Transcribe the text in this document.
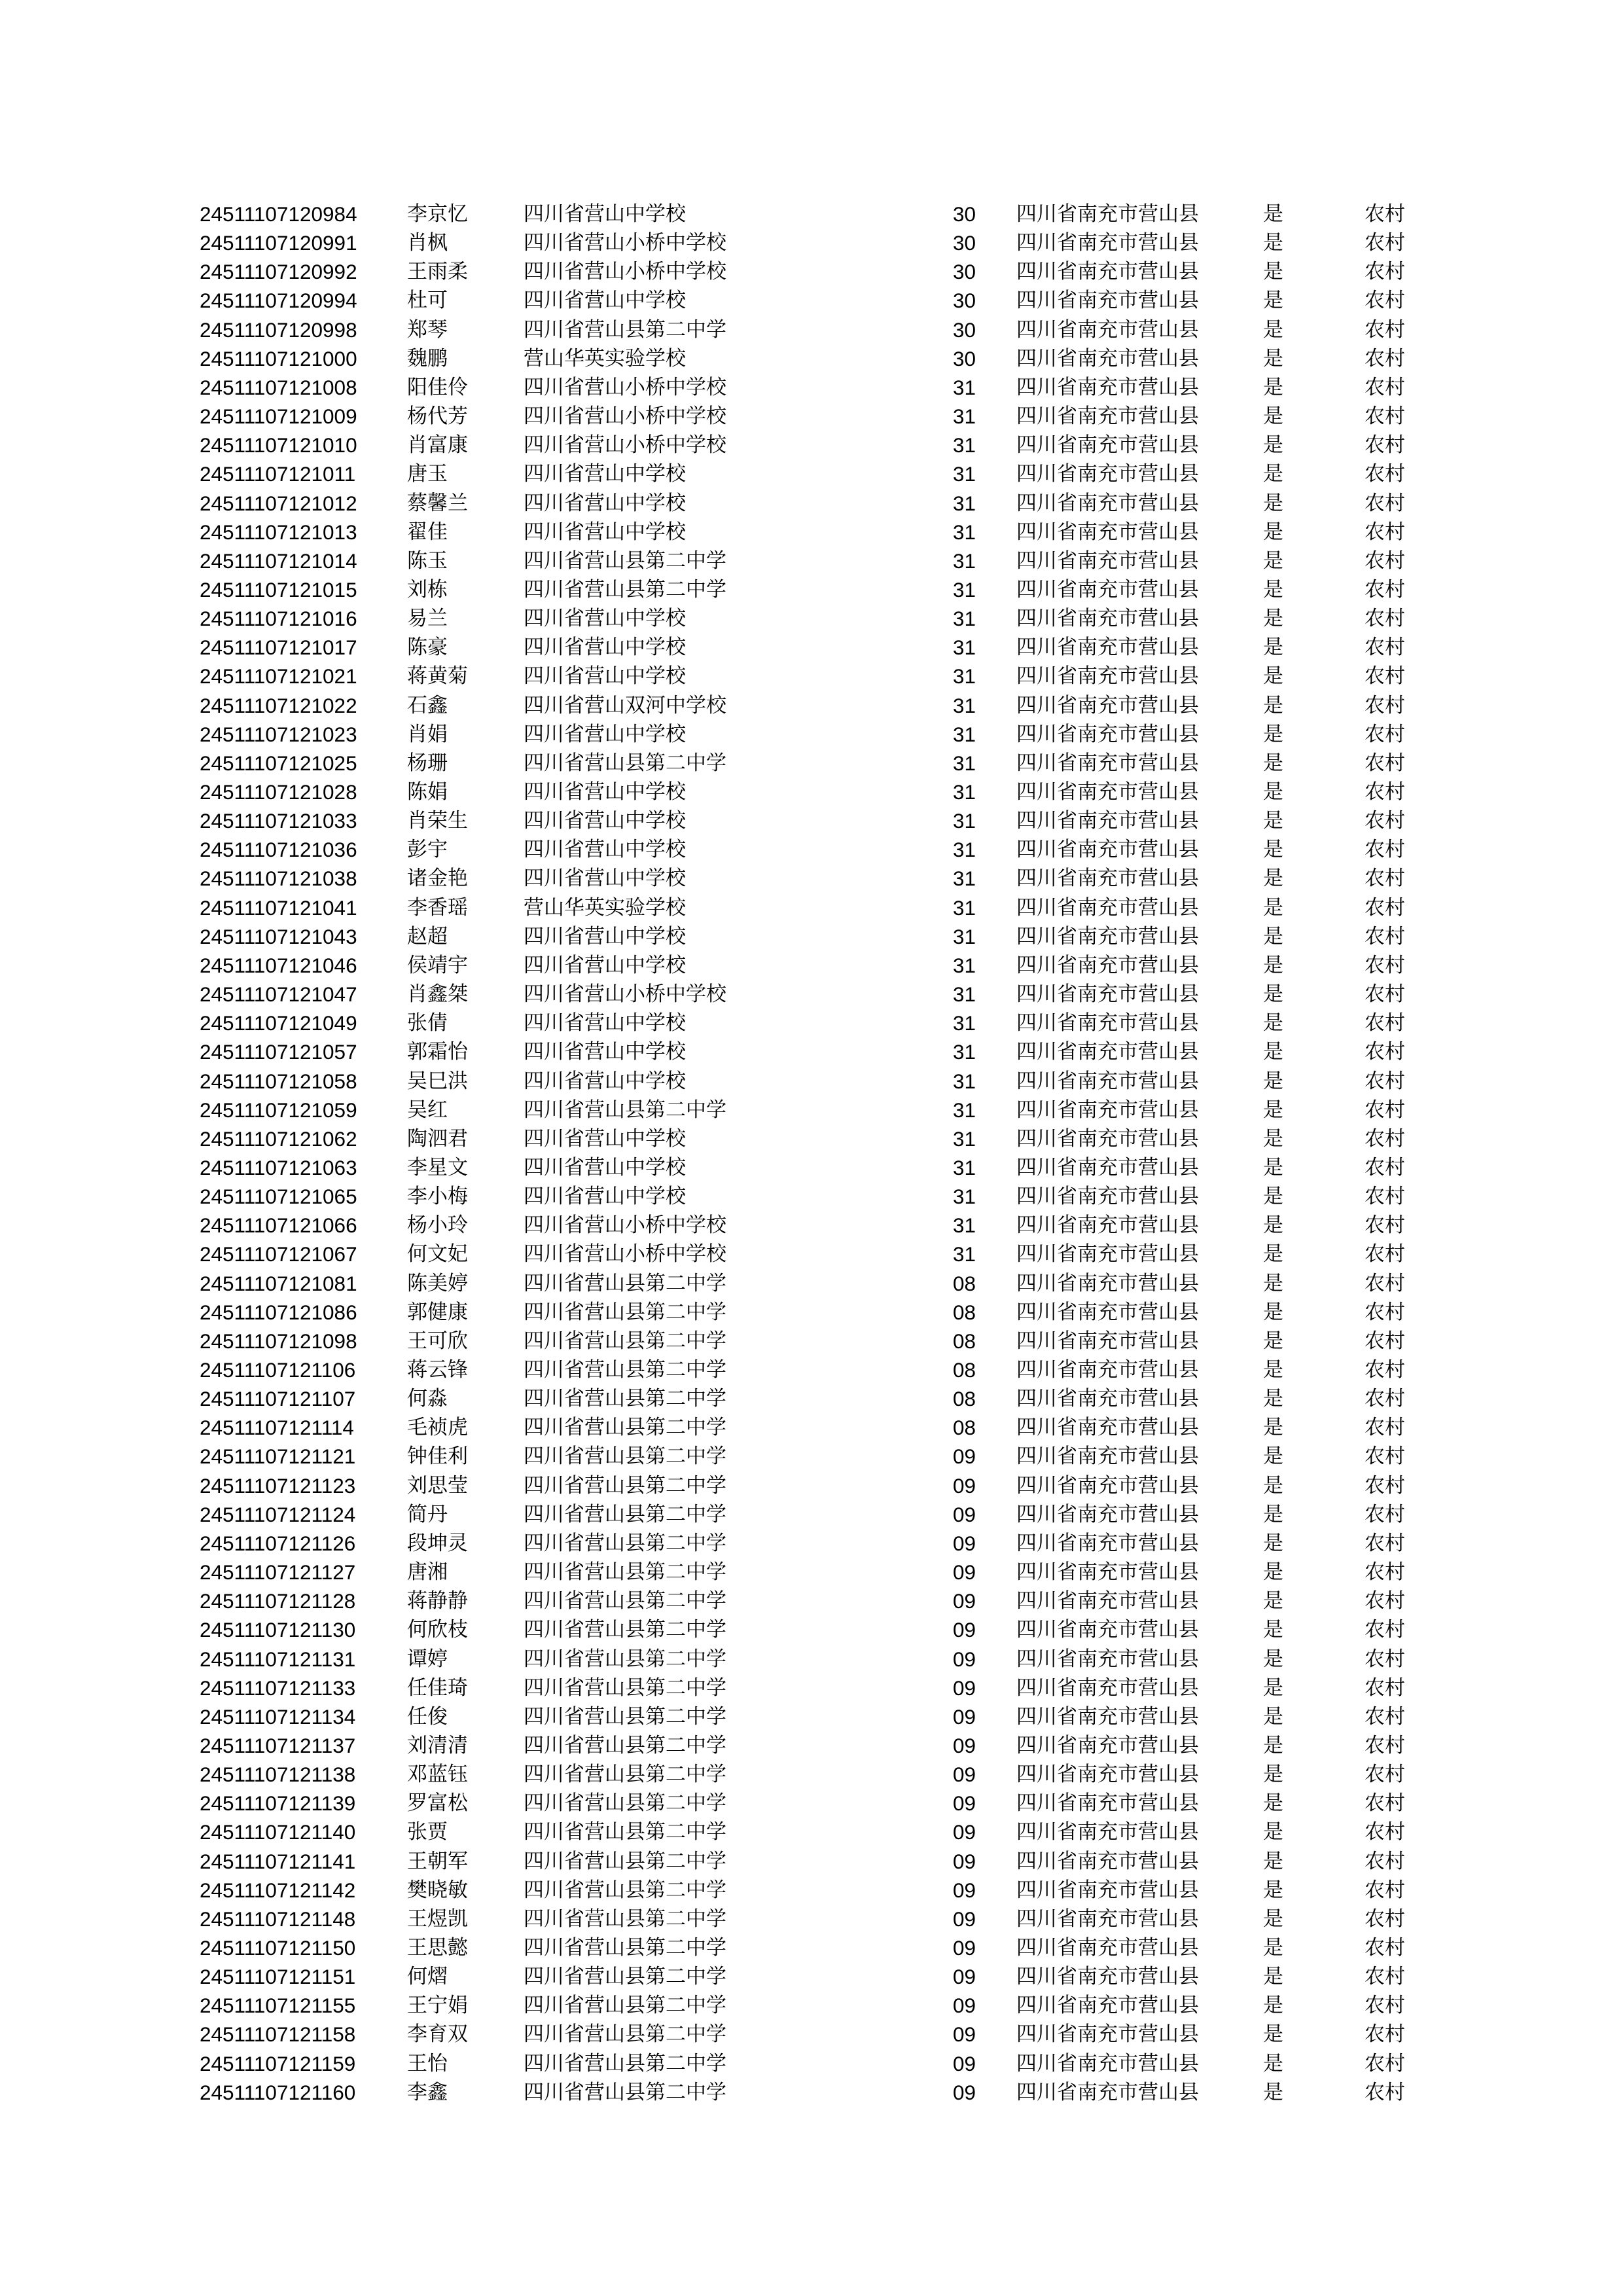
24511107120984 李京忆	四川省营山中学校	30 四川省南充市营山县	是	农村
24511107120991 肖枫	四川省营山小桥中学校	30 四川省南充市营山县	是	农村
24511107120992 王雨柔	四川省营山小桥中学校	30 四川省南充市营山县	是	农村
24511107120994 杜可	四川省营山中学校	30 四川省南充市营山县	是	农村
24511107120998 郑琴	四川省营山县第二中学	30 四川省南充市营山县	是	农村
24511107121000 魏鹏	营山华英实验学校	30 四川省南充市营山县	是	农村
24511107121008 阳佳伶	四川省营山小桥中学校	31 四川省南充市营山县	是	农村
24511107121009 杨代芳	四川省营山小桥中学校	31 四川省南充市营山县	是	农村
24511107121010 肖富康	四川省营山小桥中学校	31 四川省南充市营山县	是	农村
24511107121011	唐玉	四川省营山中学校	31 四川省南充市营山县	是	农村
24511107121012 蔡馨兰	四川省营山中学校	31 四川省南充市营山县	是	农村
24511107121013 翟佳	四川省营山中学校	31 四川省南充市营山县	是	农村
24511107121014 陈玉	四川省营山县第二中学	31 四川省南充市营山县	是	农村
24511107121015 刘栋	四川省营山县第二中学	31 四川省南充市营山县	是	农村
24511107121016 易兰	四川省营山中学校	31 四川省南充市营山县	是	农村
24511107121017 陈豪	四川省营山中学校	31 四川省南充市营山县	是	农村
24511107121021 蒋黄菊	四川省营山中学校	31 四川省南充市营山县	是	农村
24511107121022 石鑫	四川省营山双河中学校	31 四川省南充市营山县	是	农村
24511107121023 肖娟	四川省营山中学校	31 四川省南充市营山县	是	农村
24511107121025 杨珊	四川省营山县第二中学	31 四川省南充市营山县	是	农村
24511107121028 陈娟	四川省营山中学校	31 四川省南充市营山县	是	农村
24511107121033 肖荣生	四川省营山中学校	31 四川省南充市营山县	是	农村
24511107121036 彭宇	四川省营山中学校	31 四川省南充市营山县	是	农村
24511107121038 诸金艳	四川省营山中学校	31 四川省南充市营山县	是	农村
24511107121041 李香瑶	营山华英实验学校	31 四川省南充市营山县	是	农村
24511107121043 赵超	四川省营山中学校	31 四川省南充市营山县	是	农村
24511107121046 侯靖宇	四川省营山中学校	31 四川省南充市营山县	是	农村
24511107121047 肖鑫桀	四川省营山小桥中学校	31 四川省南充市营山县	是	农村
24511107121049 张倩	四川省营山中学校	31 四川省南充市营山县	是	农村
24511107121057 郭霜怡	四川省营山中学校	31 四川省南充市营山县	是	农村
24511107121058 吴巳洪	四川省营山中学校	31 四川省南充市营山县	是	农村
24511107121059 吴红	四川省营山县第二中学	31 四川省南充市营山县	是	农村
24511107121062 陶泗君	四川省营山中学校	31 四川省南充市营山县	是	农村
24511107121063 李星文	四川省营山中学校	31 四川省南充市营山县	是	农村
24511107121065 李小梅	四川省营山中学校	31 四川省南充市营山县	是	农村
24511107121066 杨小玲	四川省营山小桥中学校	31 四川省南充市营山县	是	农村
24511107121067 何文妃	四川省营山小桥中学校	31 四川省南充市营山县	是	农村
24511107121081 陈美婷	四川省营山县第二中学	08 四川省南充市营山县	是	农村
24511107121086 郭健康	四川省营山县第二中学	08 四川省南充市营山县	是	农村
24511107121098 王可欣	四川省营山县第二中学	08 四川省南充市营山县	是	农村
24511107121106	蒋云锋	四川省营山县第二中学	08 四川省南充市营山县	是	农村
24511107121107	何淼	四川省营山县第二中学	08 四川省南充市营山县	是	农村
24511107121114	毛祯虎	四川省营山县第二中学	08 四川省南充市营山县	是	农村
24511107121121	钟佳利	四川省营山县第二中学	09 四川省南充市营山县	是	农村
24511107121123	刘思莹	四川省营山县第二中学	09 四川省南充市营山县	是	农村
24511107121124	简丹	四川省营山县第二中学	09 四川省南充市营山县	是	农村
24511107121126	段坤灵	四川省营山县第二中学	09 四川省南充市营山县	是	农村
24511107121127	唐湘	四川省营山县第二中学	09 四川省南充市营山县	是	农村
24511107121128	蒋静静	四川省营山县第二中学	09 四川省南充市营山县	是	农村
24511107121130	何欣枝	四川省营山县第二中学	09 四川省南充市营山县	是	农村
24511107121131	谭婷	四川省营山县第二中学	09 四川省南充市营山县	是	农村
24511107121133	任佳琦	四川省营山县第二中学	09 四川省南充市营山县	是	农村
24511107121134	任俊	四川省营山县第二中学	09 四川省南充市营山县	是	农村
24511107121137	刘清清	四川省营山县第二中学	09 四川省南充市营山县	是	农村
24511107121138	邓蓝钰	四川省营山县第二中学	09 四川省南充市营山县	是	农村
24511107121139	罗富松	四川省营山县第二中学	09 四川省南充市营山县	是	农村
24511107121140	张贾	四川省营山县第二中学	09 四川省南充市营山县	是	农村
24511107121141	王朝军	四川省营山县第二中学	09 四川省南充市营山县	是	农村
24511107121142	樊晓敏	四川省营山县第二中学	09 四川省南充市营山县	是	农村
24511107121148	王煜凯	四川省营山县第二中学	09 四川省南充市营山县	是	农村
24511107121150	王思懿	四川省营山县第二中学	09 四川省南充市营山县	是	农村
24511107121151	何熠	四川省营山县第二中学	09 四川省南充市营山县	是	农村
24511107121155	王宁娟	四川省营山县第二中学	09 四川省南充市营山县	是	农村
24511107121158	李育双	四川省营山县第二中学	09 四川省南充市营山县	是	农村
24511107121159	王怡	四川省营山县第二中学	09 四川省南充市营山县	是	农村
24511107121160	李鑫	四川省营山县第二中学	09 四川省南充市营山县	是	农村
